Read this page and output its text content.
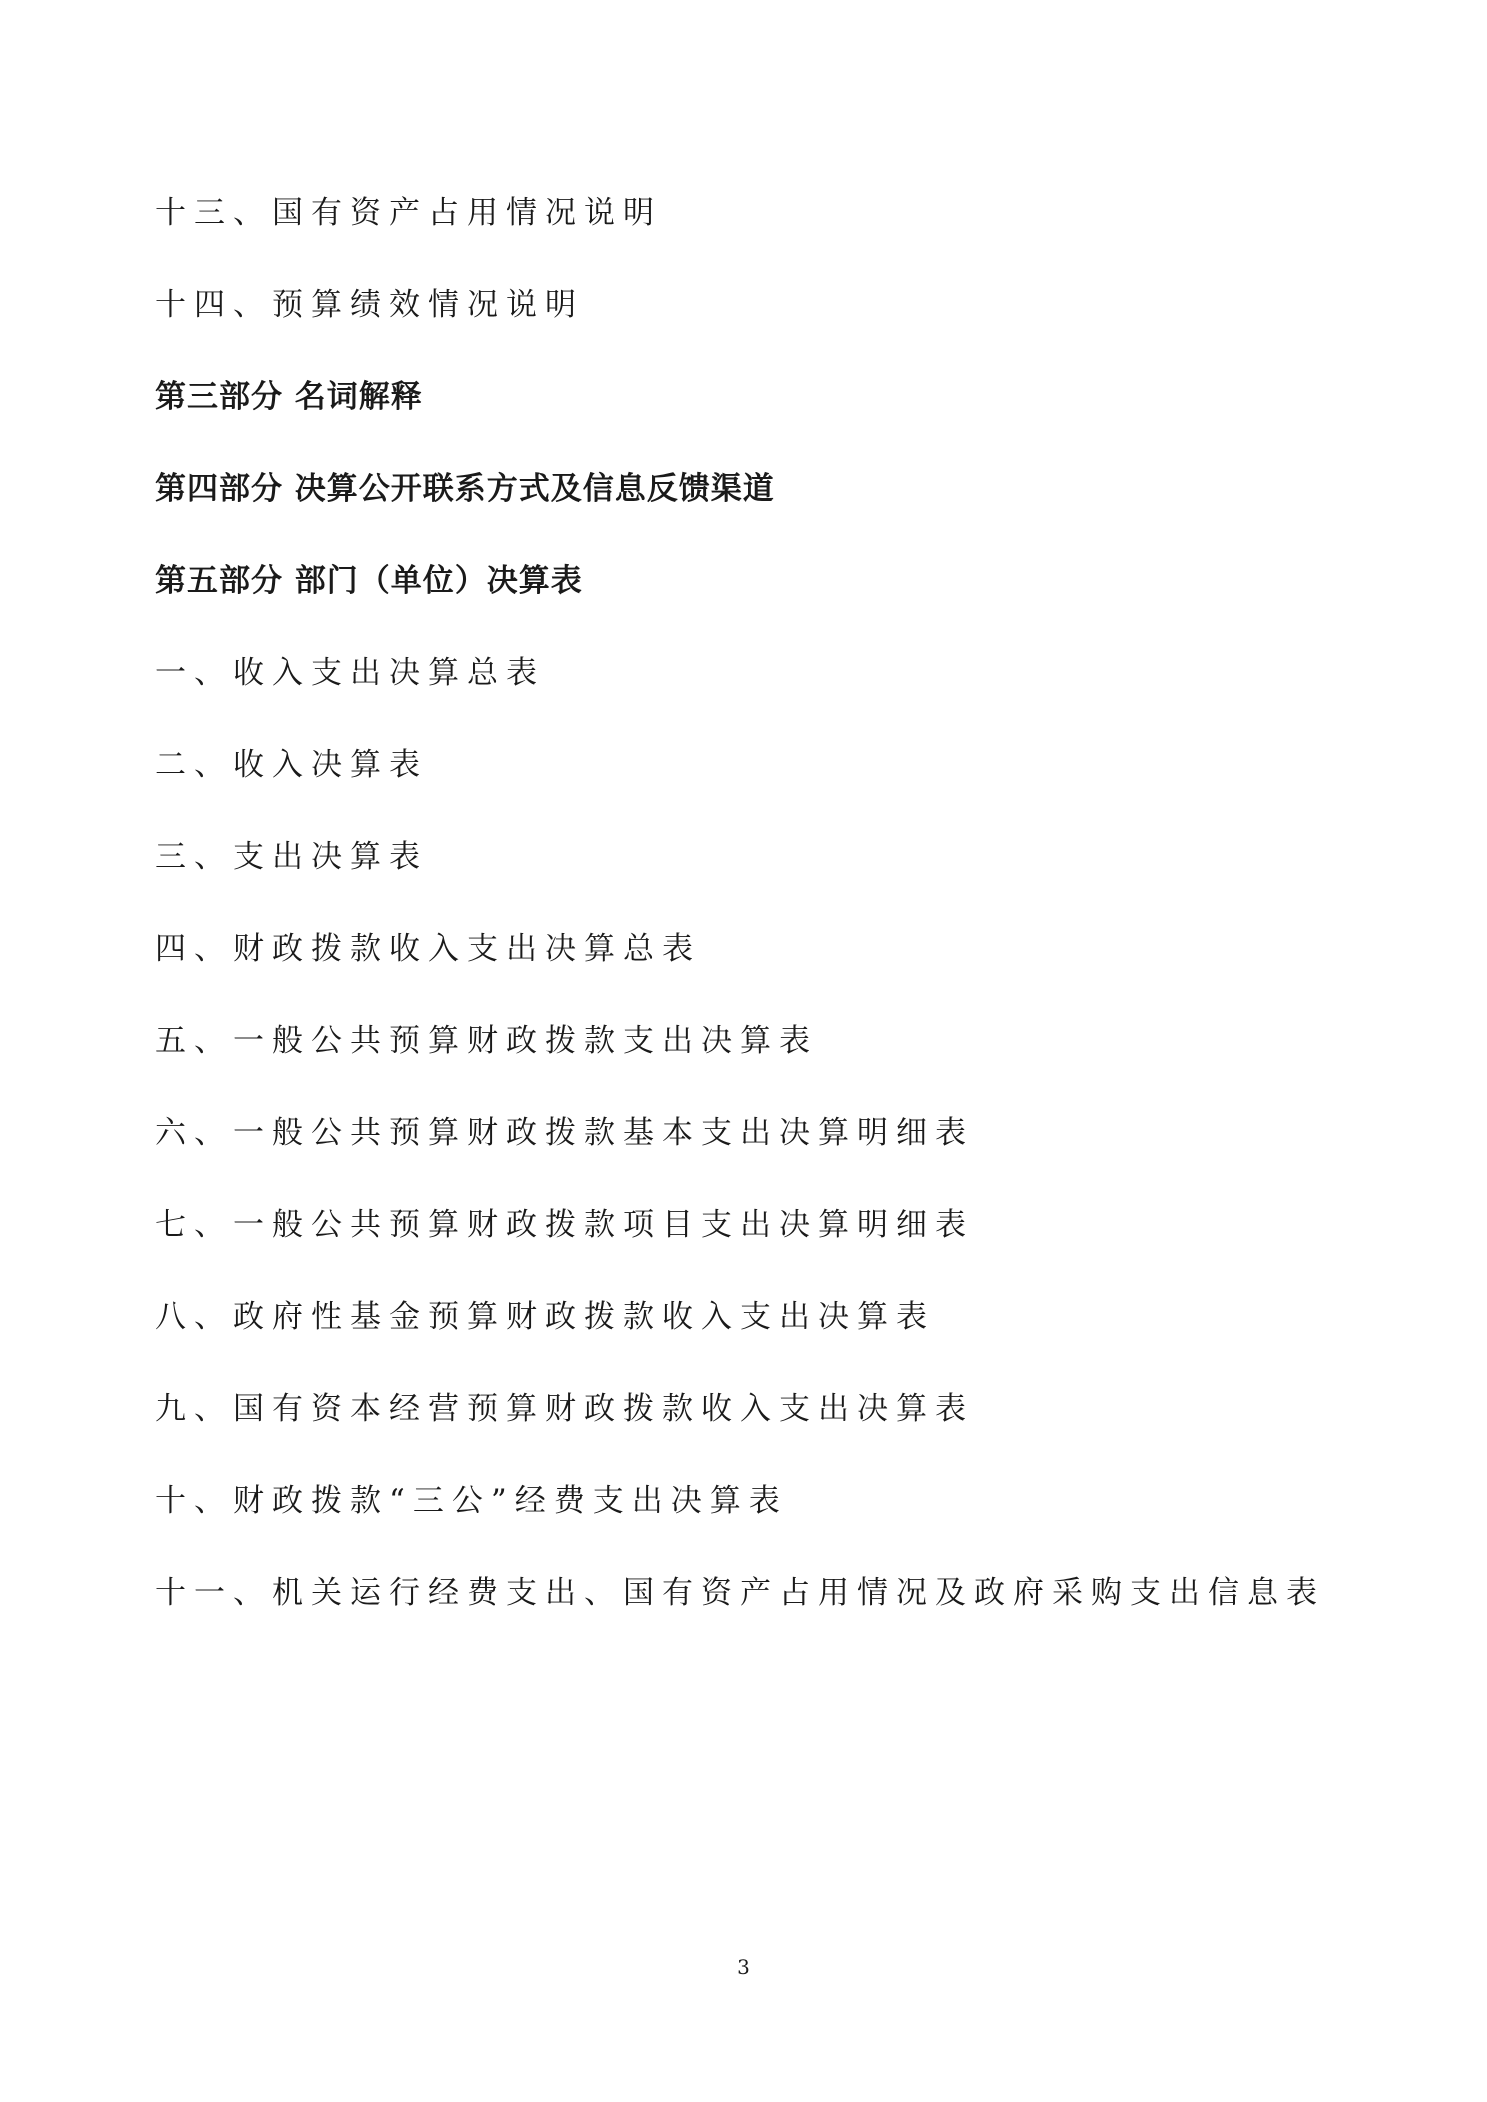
十三、国有资产占用情况说明
十四、预算绩效情况说明
第三部分 名词解释
第四部分 决算公开联系方式及信息反馈渠道
第五部分 部门（单位）决算表
一、收入支出决算总表
二、收入决算表
三、支出决算表
四、财政拨款收入支出决算总表
五、一般公共预算财政拨款支出决算表
六、一般公共预算财政拨款基本支出决算明细表
七、一般公共预算财政拨款项目支出决算明细表
八、政府性基金预算财政拨款收入支出决算表
九、国有资本经营预算财政拨款收入支出决算表
十、财政拨款“三公”经费支出决算表
十一、机关运行经费支出、国有资产占用情况及政府采购支出信息表
3
